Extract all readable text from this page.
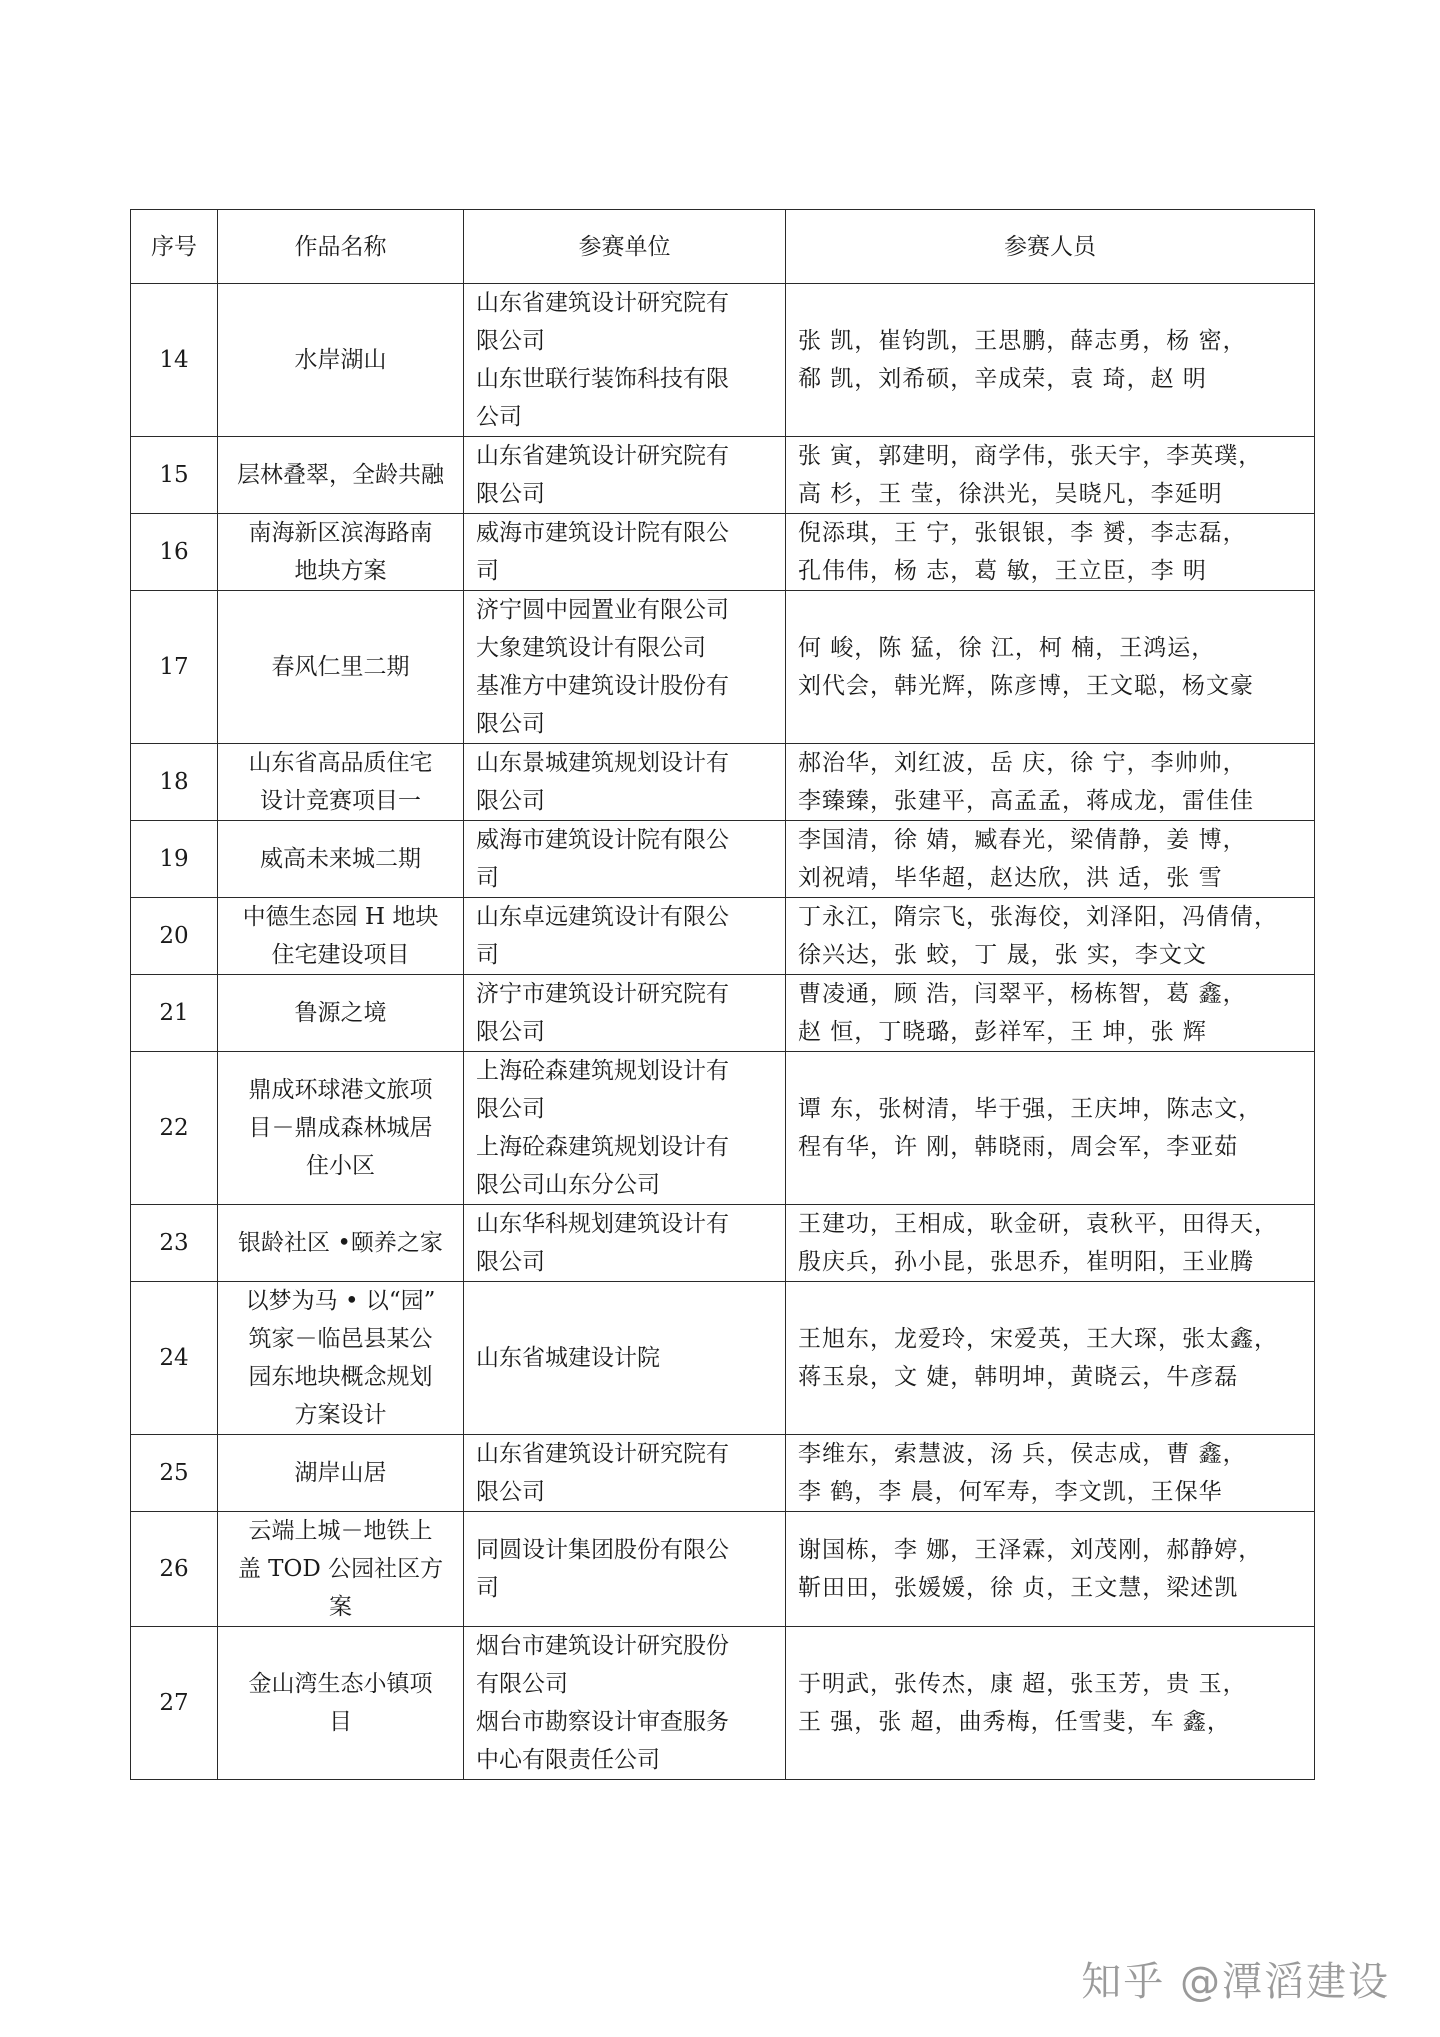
序号	作品名称	参赛单位	参赛人员
14	水岸湖山	山东省建筑设计研究院有
限公司
山东世联行装饰科技有限
公司	张 凯，崔钧凯，王思鹏，薛志勇，杨 密，
郗 凯，刘希硕，辛成荣，袁 琦，赵 明

15	层林叠翠，全龄共融	山东省建筑设计研究院有
限公司	张 寅，郭建明，商学伟，张天宇，李英璞，
高 杉，王 莹，徐洪光，吴晓凡，李延明

16	南海新区滨海路南
地块方案	威海市建筑设计院有限公
司	倪添琪，王 宁，张银银，李 赟，李志磊，
孔伟伟，杨 志，葛 敏，王立臣，李 明

17	春风仁里二期	济宁圆中园置业有限公司
大象建筑设计有限公司
基准方中建筑设计股份有
限公司	何 峻，陈 猛，徐 江，柯 楠，王鸿运，
刘代会，韩光辉，陈彦博，王文聪，杨文豪

18	山东省高品质住宅
设计竞赛项目一	山东景城建筑规划设计有
限公司	郝治华，刘红波，岳 庆，徐 宁，李帅帅，
李臻臻，张建平，高孟孟，蒋成龙，雷佳佳

19	威高未来城二期	威海市建筑设计院有限公
司	李国清，徐 婧，臧春光，梁倩静，姜 博，
刘祝靖，毕华超，赵达欣，洪 适，张 雪

20	中德生态园 H 地块
住宅建设项目	山东卓远建筑设计有限公
司	丁永江，隋宗飞，张海佼，刘泽阳，冯倩倩，
徐兴达，张 蛟，丁 晟，张 实，李文文

21	鲁源之境	济宁市建筑设计研究院有
限公司	曹凌通，顾 浩，闫翠平，杨栋智，葛 鑫，
赵 恒，丁晓璐，彭祥军，王 坤，张 辉

22	鼎成环球港文旅项
目－鼎成森林城居
住小区	上海砼森建筑规划设计有
限公司
上海砼森建筑规划设计有
限公司山东分公司	谭 东，张树清，毕于强，王庆坤，陈志文，
程有华，许 刚，韩晓雨，周会军，李亚茹

23	银龄社区 •颐养之家	山东华科规划建筑设计有
限公司	王建功，王相成，耿金研，袁秋平，田得天，
殷庆兵，孙小昆，张思乔，崔明阳，王业腾

24	以梦为马 • 以“园”
筑家－临邑县某公
园东地块概念规划
方案设计	山东省城建设计院	王旭东，龙爱玲，宋爱英，王大琛，张太鑫，
蒋玉泉，文 婕，韩明坤，黄晓云，牛彦磊

25	湖岸山居	山东省建筑设计研究院有
限公司	李维东，索慧波，汤 兵，侯志成，曹 鑫，
李 鹤，李 晨，何军寿，李文凯，王保华

26	云端上城－地铁上
盖 TOD 公园社区方
案	同圆设计集团股份有限公
司	谢国栋，李 娜，王泽霖，刘茂刚，郝静婷，
靳田田，张媛媛，徐 贞，王文慧，梁述凯

27	金山湾生态小镇项
目	烟台市建筑设计研究股份
有限公司
烟台市勘察设计审查服务
中心有限责任公司	于明武，张传杰，康 超，张玉芳，贵 玉，
王 强，张 超，曲秀梅，任雪斐，车 鑫，
知乎 @潭滔建设
